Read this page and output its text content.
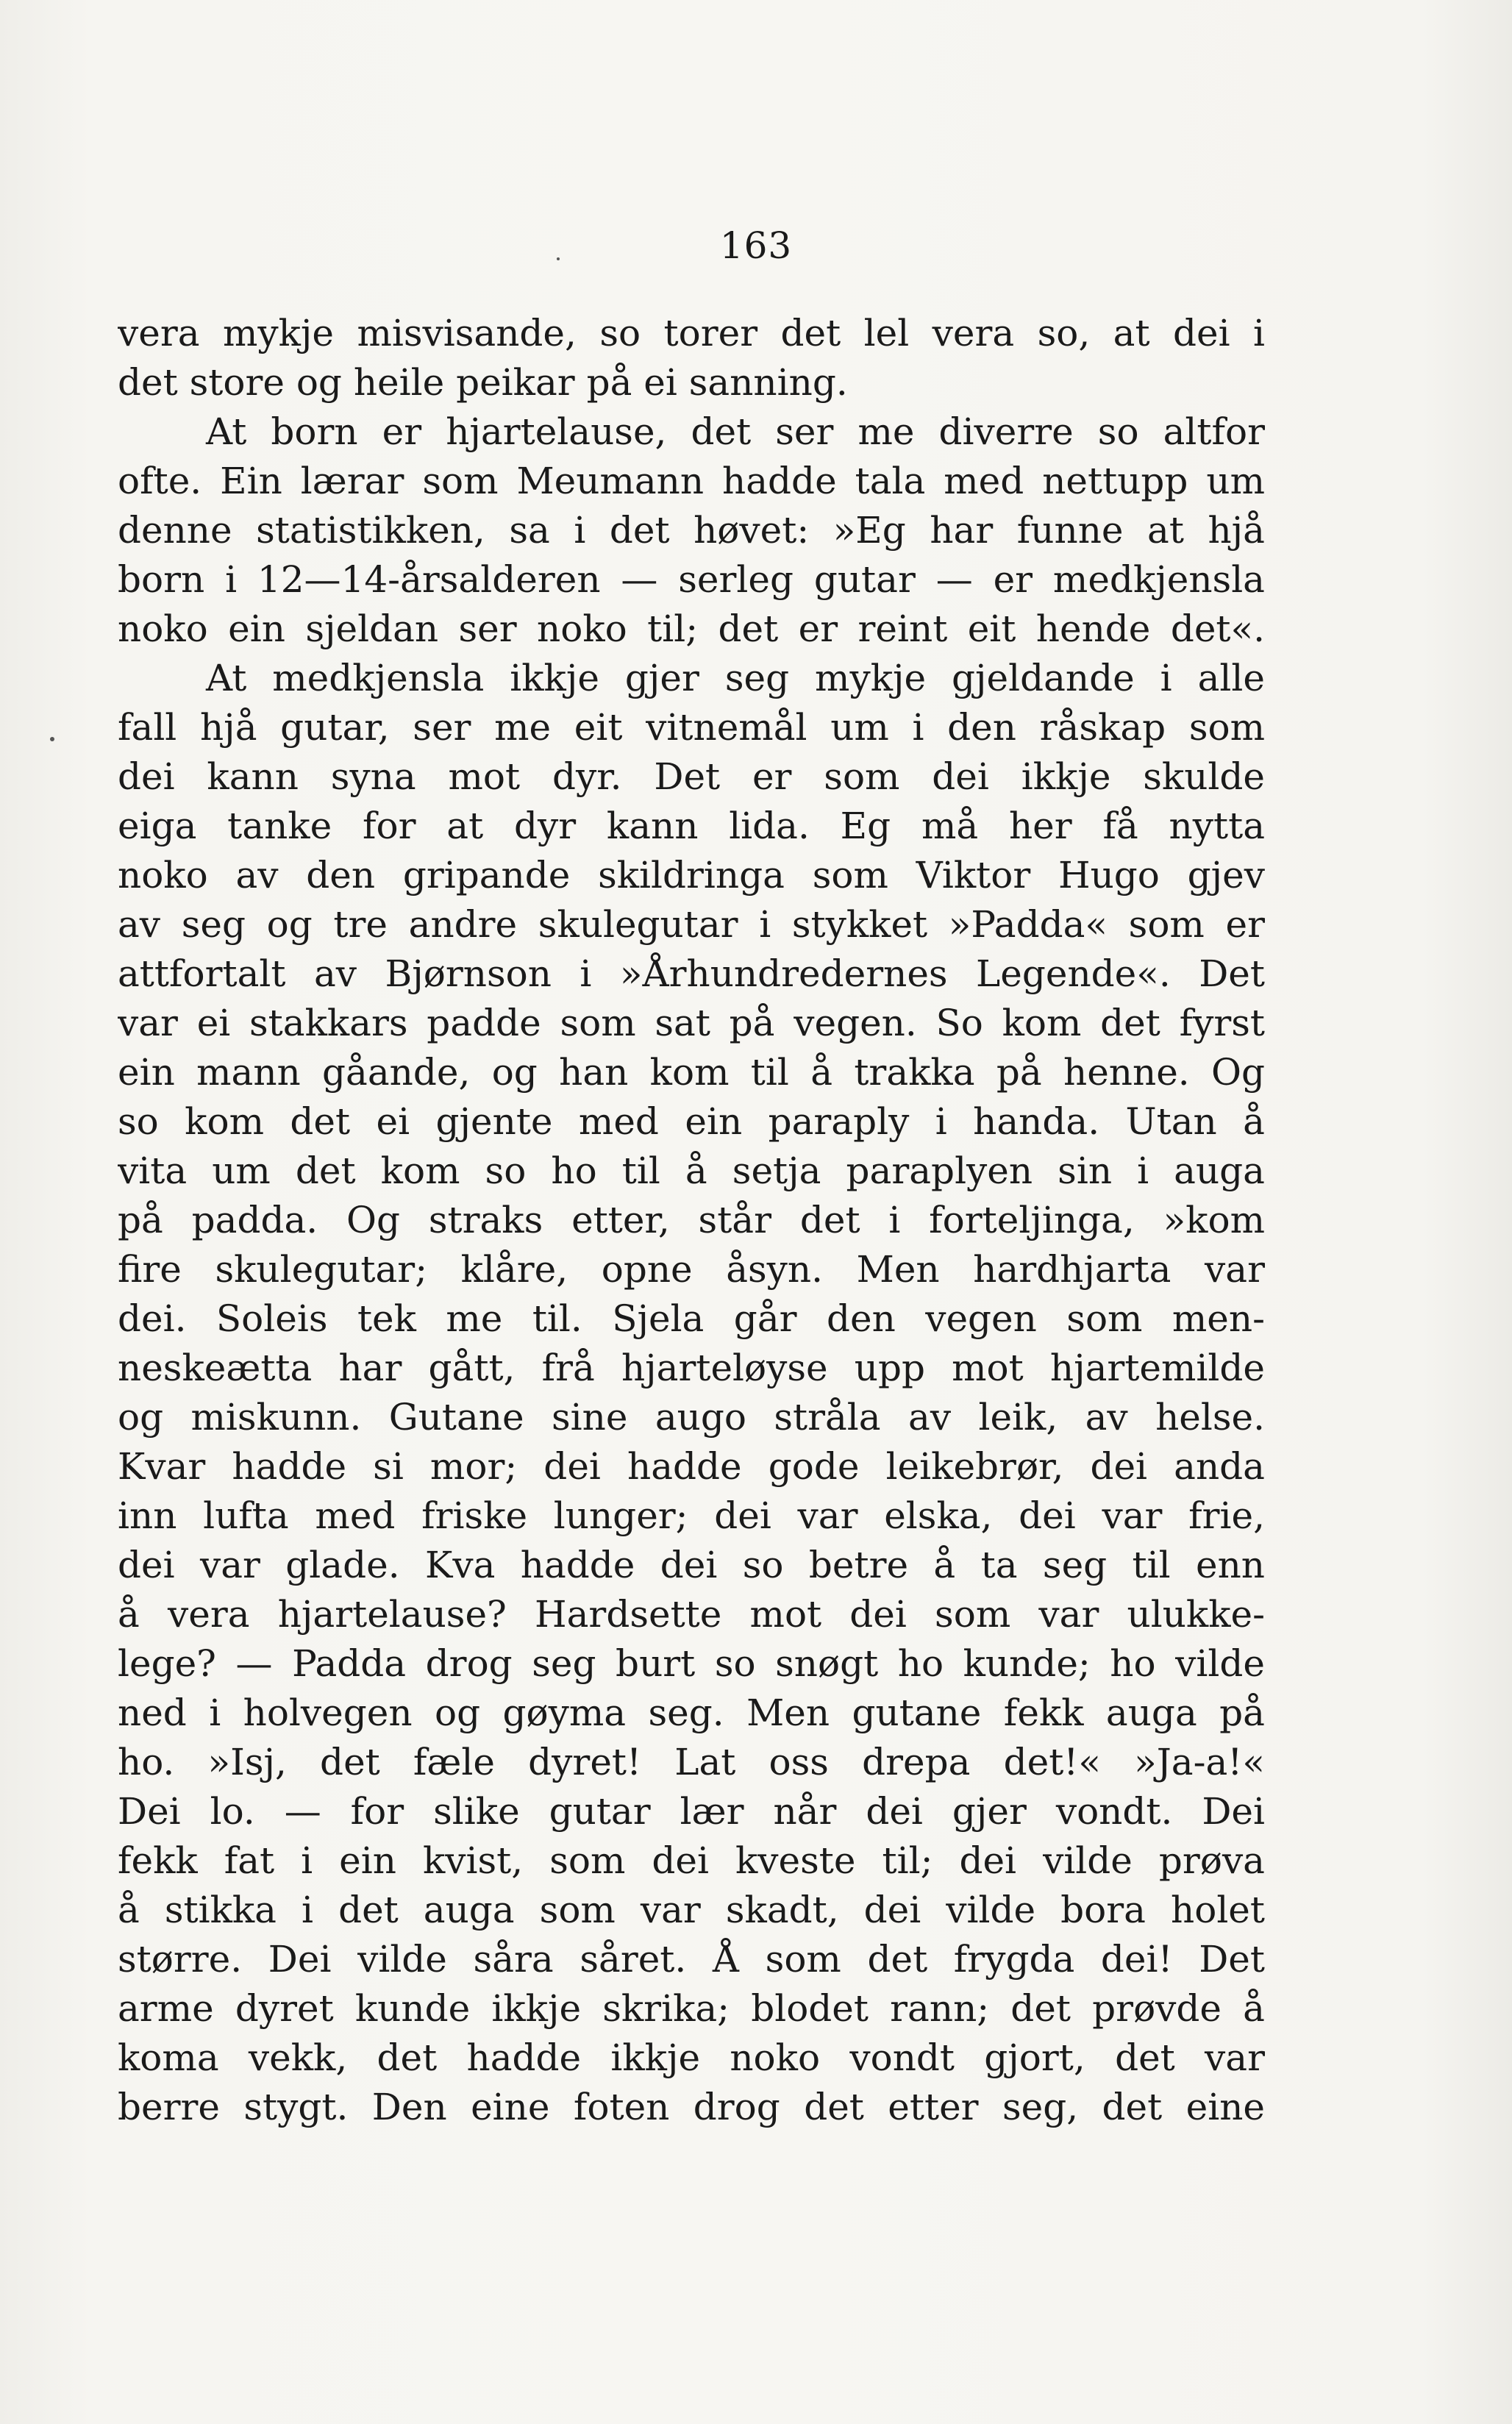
163
vera mykje misvisande, so torer det lel vera so, at dei i
det store og heile peikar på ei sanning.
At born er hjartelause, det ser me diverre so altfor
ofte. Ein lærar som Meumann hadde tala med nettupp um
denne statistikken, sa i det høvet: »Eg har funne at hjå
born i 12—14-årsalderen — serleg gutar — er medkjensla
noko ein sjeldan ser noko til; det er reint eit hende det«.
At medkjensla ikkje gjer seg mykje gjeldande i alle
fall hjå gutar, ser me eit vitnemål um i den råskap som
dei kann syna mot dyr. Det er som dei ikkje skulde
eiga tanke for at dyr kann lida. Eg må her få nytta
noko av den gripande skildringa som Viktor Hugo gjev
av seg og tre andre skulegutar i stykket »Padda« som er
attfortalt av Bjørnson i »Århundredernes Legende«. Det
var ei stakkars padde som sat på vegen. So kom det fyrst
ein mann gåande, og han kom til å trakka på henne. Og
so kom det ei gjente med ein paraply i handa. Utan å
vita um det kom so ho til å setja paraplyen sin i auga
på padda. Og straks etter, står det i forteljinga, »kom
fire skulegutar; klåre, opne åsyn. Men hardhjarta var
dei. Soleis tek me til. Sjela går den vegen som men-
neskeætta har gått, frå hjarteløyse upp mot hjartemilde
og miskunn. Gutane sine augo stråla av leik, av helse.
Kvar hadde si mor; dei hadde gode leikebrør, dei anda
inn lufta med friske lunger; dei var elska, dei var frie,
dei var glade. Kva hadde dei so betre å ta seg til enn
å vera hjartelause? Hardsette mot dei som var ulukke-
lege? — Padda drog seg burt so snøgt ho kunde; ho vilde
ned i holvegen og gøyma seg. Men gutane fekk auga på
ho. »Isj, det fæle dyret! Lat oss drepa det!« »Ja-a!«
Dei lo. — for slike gutar lær når dei gjer vondt. Dei
fekk fat i ein kvist, som dei kveste til; dei vilde prøva
å stikka i det auga som var skadt, dei vilde bora holet
større. Dei vilde såra såret. Å som det frygda dei! Det
arme dyret kunde ikkje skrika; blodet rann; det prøvde å
koma vekk, det hadde ikkje noko vondt gjort, det var
berre stygt. Den eine foten drog det etter seg, det eine
